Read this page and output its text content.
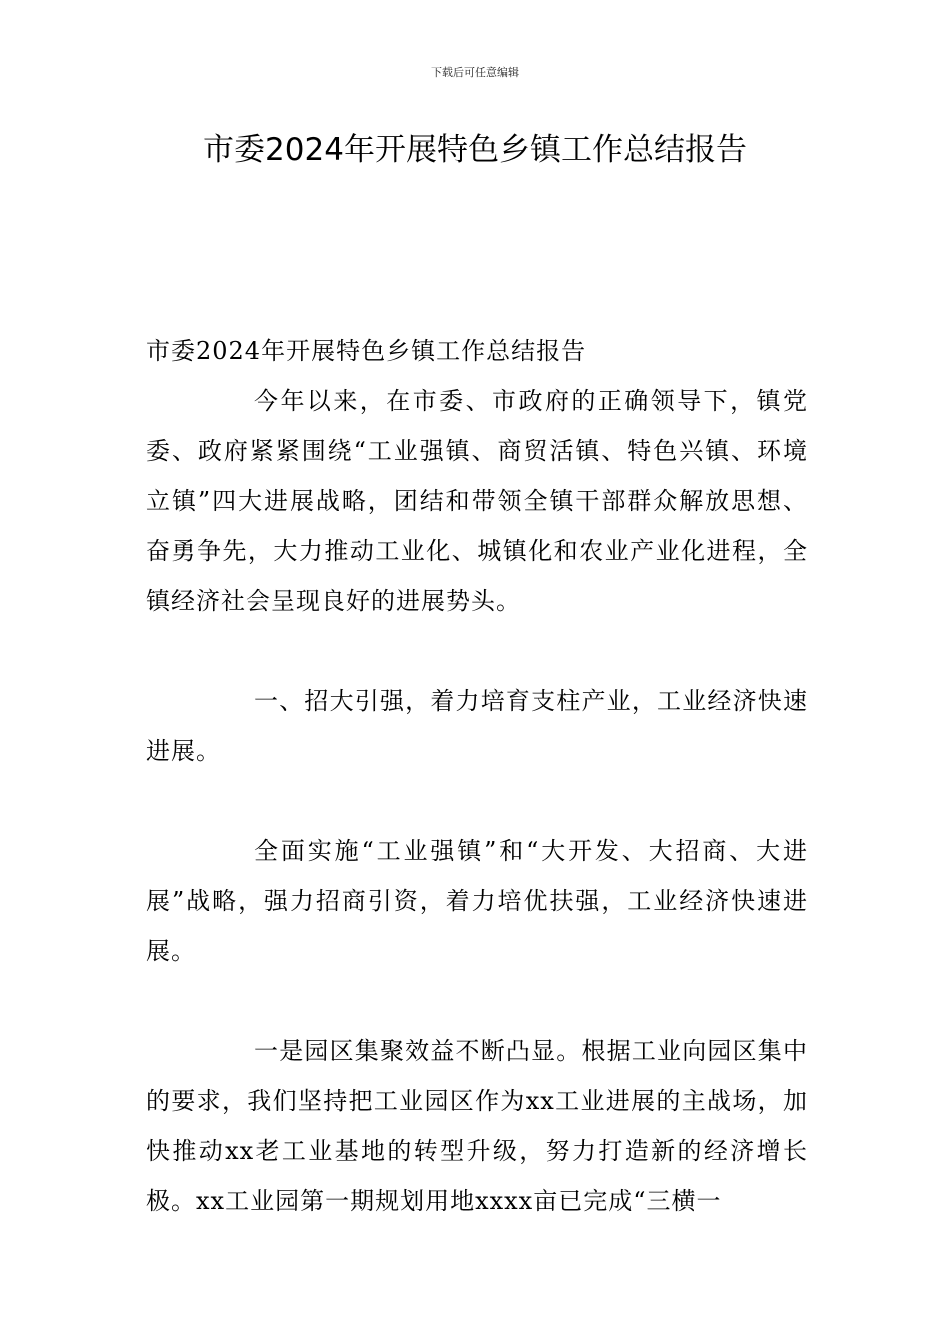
下载后可任意编辑
市委2024年开展特色乡镇工作总结报告

市委2024年开展特色乡镇工作总结报告

今年以来，在市委、市政府的正确领导下，镇党委、政府紧紧围绕“工业强镇、商贸活镇、特色兴镇、环境立镇”四大进展战略，团结和带领全镇干部群众解放思想、奋勇争先，大力推动工业化、城镇化和农业产业化进程，全镇经济社会呈现良好的进展势头。

一、招大引强，着力培育支柱产业，工业经济快速进展。

全面实施“工业强镇”和“大开发、大招商、大进展”战略，强力招商引资，着力培优扶强，工业经济快速进展。

一是园区集聚效益不断凸显。根据工业向园区集中的要求，我们坚持把工业园区作为xx工业进展的主战场，加快推动xx老工业基地的转型升级，努力打造新的经济增长极。xx工业园第一期规划用地xxxx亩已完成“三横一
